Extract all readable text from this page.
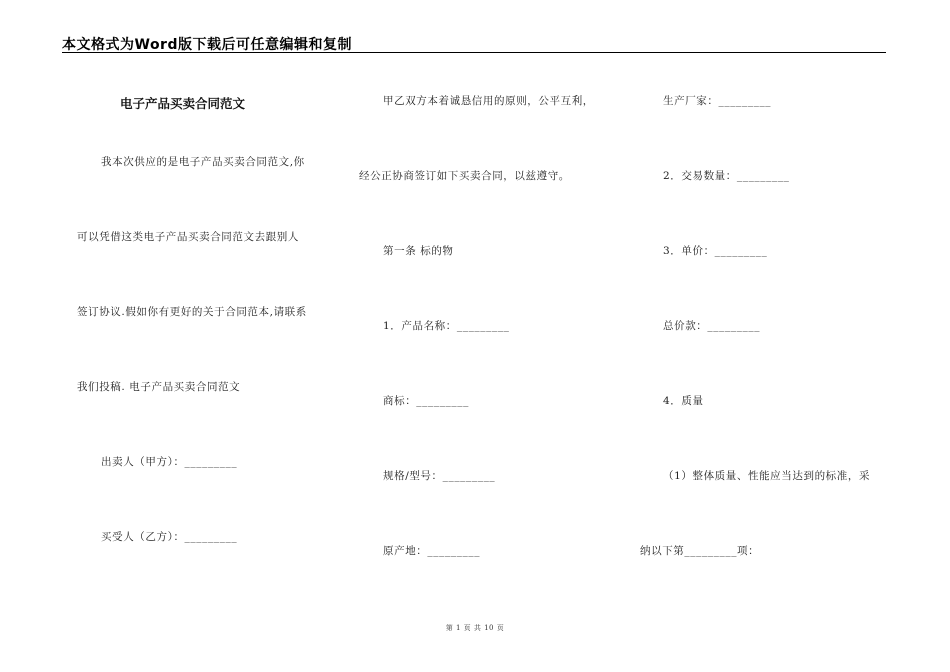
本文格式为Word版下载后可任意编辑和复制
电子产品买卖合同范文
我本次供应的是电子产品买卖合同范文,你
可以凭借这类电子产品买卖合同范文去跟别人
签订协议.假如你有更好的关于合同范本,请联系
我们投稿. 电子产品买卖合同范文
出卖人（甲方）：_________
买受人（乙方）：_________
甲乙双方本着诚恳信用的原则，公平互利，
经公正协商签订如下买卖合同，以兹遵守。
第一条 标的物
1．产品名称：_________
商标：_________
规格/型号：_________
原产地：_________
生产厂家：_________
2．交易数量：_________
3．单价：_________
总价款：_________
4．质量
（1）整体质量、性能应当达到的标准，采
纳以下第_________项：
第 1 页 共 10 页
